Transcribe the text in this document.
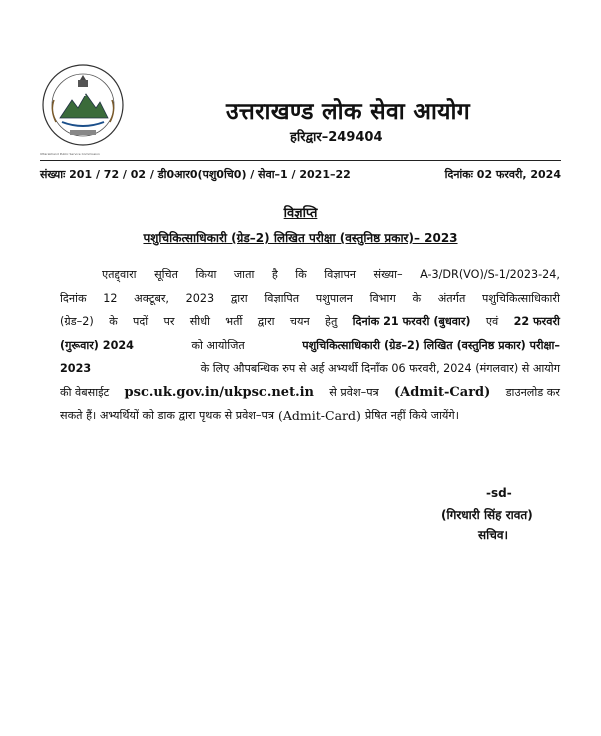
Uttarakhand Public Service Commission
उत्तराखण्ड लोक सेवा आयोग
हरिद्वार–249404
संख्याः 201 / 72 / 02 / डी0आर0(पशु0चि0) / सेवा–1 / 2021–22	दिनांकः 02 फरवरी, 2024
विज्ञप्ति
पशुचिकित्साधिकारी (ग्रेड–2) लिखित परीक्षा (वस्तुनिष्ठ प्रकार)– 2023
एतद्द्वारा सूचित किया जाता है कि विज्ञापन संख्या– A-3/DR(VO)/S-1/2023-24,
दिनांक 12 अक्टूबर, 2023 द्वारा विज्ञापित पशुपालन विभाग के अंतर्गत पशुचिकित्साधिकारी
(ग्रेड–2) के पदों पर सीधी भर्ती द्वारा चयन हेतु दिनांक 21 फरवरी (बुधवार) एवं 22 फरवरी
(गुरूवार) 2024	को आयोजित	पशुचिकित्साधिकारी (ग्रेड–2) लिखित (वस्तुनिष्ठ प्रकार) परीक्षा–
2023	के लिए औपबन्धिक रुप से अर्ह अभ्यर्थी दिनाँक 06 फरवरी, 2024 (मंगलवार) से आयोग
की वेबसाईट psc.uk.gov.in/ukpsc.net.in से प्रवेश–पत्र (Admit-Card) डाउनलोड कर
सकते हैं। अभ्यर्थियों को डाक द्वारा पृथक से प्रवेश–पत्र (Admit-Card) प्रेषित नहीं किये जायेंगे।
-sd-
(गिरधारी सिंह रावत)
सचिव।
